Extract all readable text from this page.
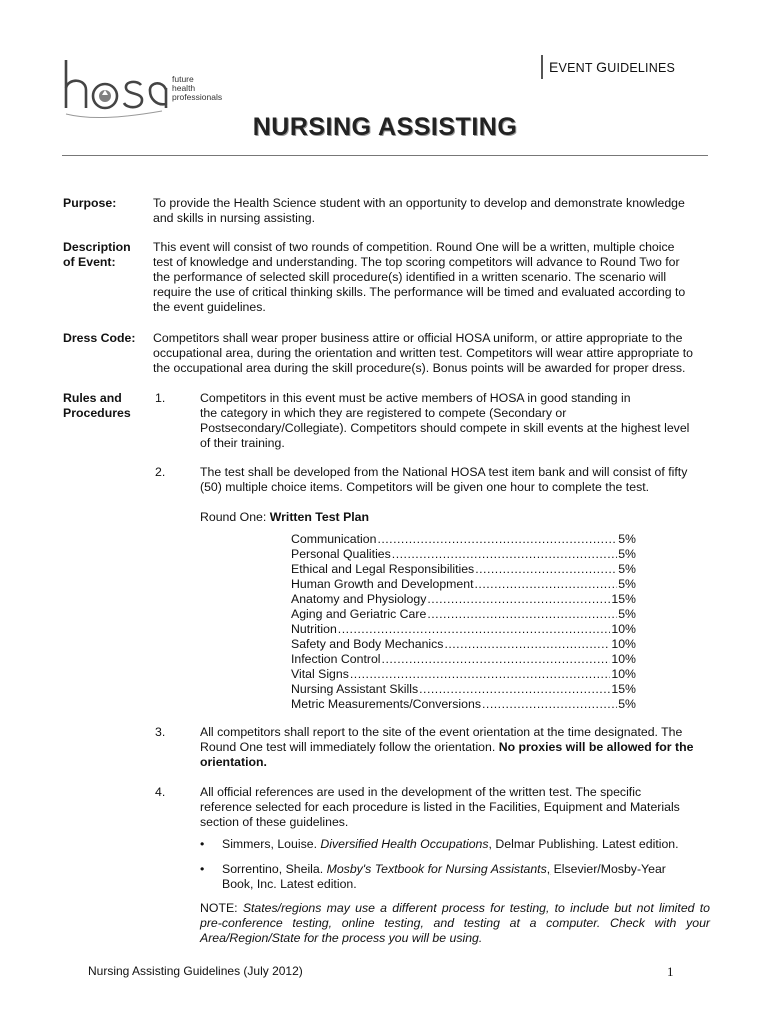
EVENT GUIDELINES
future
health
professionals
NURSING ASSISTING
Purpose:	To provide the Health Science student with an opportunity to develop and demonstrate knowledge
and skills in nursing assisting.
Description
of Event:
This event will consist of two rounds of competition. Round One will be a written, multiple choice
test of knowledge and understanding. The top scoring competitors will advance to Round Two for
the performance of selected skill procedure(s) identified in a written scenario. The scenario will
require the use of critical thinking skills. The performance will be timed and evaluated according to
the event guidelines.
Dress Code: Competitors shall wear proper business attire or official HOSA uniform, or attire appropriate to the
occupational area, during the orientation and written test. Competitors will wear attire appropriate to
the occupational area during the skill procedure(s). Bonus points will be awarded for proper dress.
Rules and
Procedures
1.	Competitors in this event must be active members of HOSA in good standing in
the category in which they are registered to compete (Secondary or
Postsecondary/Collegiate). Competitors should compete in skill events at the highest level
of their training.
2.	The test shall be developed from the National HOSA test item bank and will consist of fifty
(50) multiple choice items. Competitors will be given one hour to complete the test.
Round One: Written Test Plan
Communication .....	5%
Personal Qualities .....	5%
Ethical and Legal Responsibilities .....	5%
Human Growth and Development .....	5%
Anatomy and Physiology .....	15%
Aging and Geriatric Care .....	5%
Nutrition .....	10%
Safety and Body Mechanics .....	10%
Infection Control .....	10%
Vital Signs .....	10%
Nursing Assistant Skills .....	15%
Metric Measurements/Conversions .....	5%
3.	All competitors shall report to the site of the event orientation at the time designated. The
Round One test will immediately follow the orientation. No proxies will be allowed for the
orientation.
4.	All official references are used in the development of the written test. The specific
reference selected for each procedure is listed in the Facilities, Equipment and Materials
section of these guidelines.
• Simmers, Louise. Diversified Health Occupations, Delmar Publishing. Latest edition.
• Sorrentino, Sheila. Mosby's Textbook for Nursing Assistants, Elsevier/Mosby-Year
Book, Inc. Latest edition.
NOTE: States/regions may use a different process for testing, to include but not limited to
pre-conference testing, online testing, and testing at a computer. Check with your
Area/Region/State for the process you will be using.
Nursing Assisting Guidelines (July 2012)	1
